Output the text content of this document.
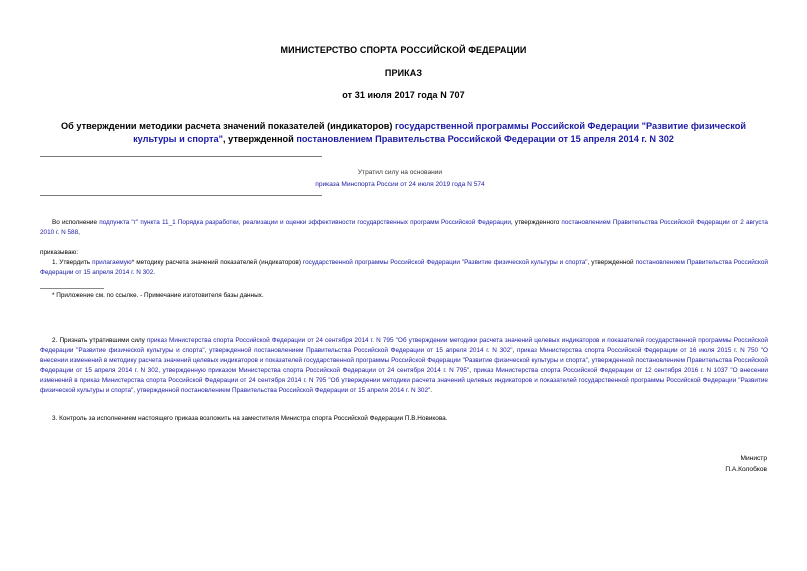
МИНИСТЕРСТВО СПОРТА РОССИЙСКОЙ ФЕДЕРАЦИИ
ПРИКАЗ
от 31 июля 2017 года N 707
Об утверждении методики расчета значений показателей (индикаторов) государственной программы Российской Федерации "Развитие физической культуры и спорта", утвержденной постановлением Правительства Российской Федерации от 15 апреля 2014 г. N 302
Утратил силу на основании
приказа Минспорта России от 24 июля 2019 года N 574
Во исполнение подпункта "г" пункта 11_1 Порядка разработки, реализации и оценки эффективности государственных программ Российской Федерации, утвержденного постановлением Правительства Российской Федерации от 2 августа 2010 г. N 588,
приказываю:
1. Утвердить прилагаемую* методику расчета значений показателей (индикаторов) государственной программы Российской Федерации "Развитие физической культуры и спорта", утвержденной постановлением Правительства Российской Федерации от 15 апреля 2014 г. N 302.
* Приложение см. по ссылке. - Примечание изготовителя базы данных.
2. Признать утратившими силу приказ Министерства спорта Российской Федерации от 24 сентября 2014 г. N 795 "Об утверждении методики расчета значений целевых индикаторов и показателей государственной программы Российской Федерации "Развитие физической культуры и спорта", утвержденной постановлением Правительства Российской Федерации от 15 апреля 2014 г. N 302", приказ Министерства спорта Российской Федерации от 16 июля 2015 г. N 750 "О внесении изменений в методику расчета значений целевых индикаторов и показателей государственной программы Российской Федерации "Развитие физической культуры и спорта", утвержденной постановлением Правительства Российской Федерации от 15 апреля 2014 г. N 302, утвержденную приказом Министерства спорта Российской Федерации от 24 сентября 2014 г. N 795", приказ Министерства спорта Российской Федерации от 12 сентября 2016 г. N 1037 "О внесении изменений в приказ Министерства спорта Российской Федерации от 24 сентября 2014 г. N 795 "Об утверждении методики расчета значений целевых индикаторов и показателей государственной программы Российской Федерации "Развитие физической культуры и спорта", утвержденной постановлением Правительства Российской Федерации от 15 апреля 2014 г. N 302".
3. Контроль за исполнением настоящего приказа возложить на заместителя Министра спорта Российской Федерации П.В.Новикова.
Министр
П.А.Колобков
